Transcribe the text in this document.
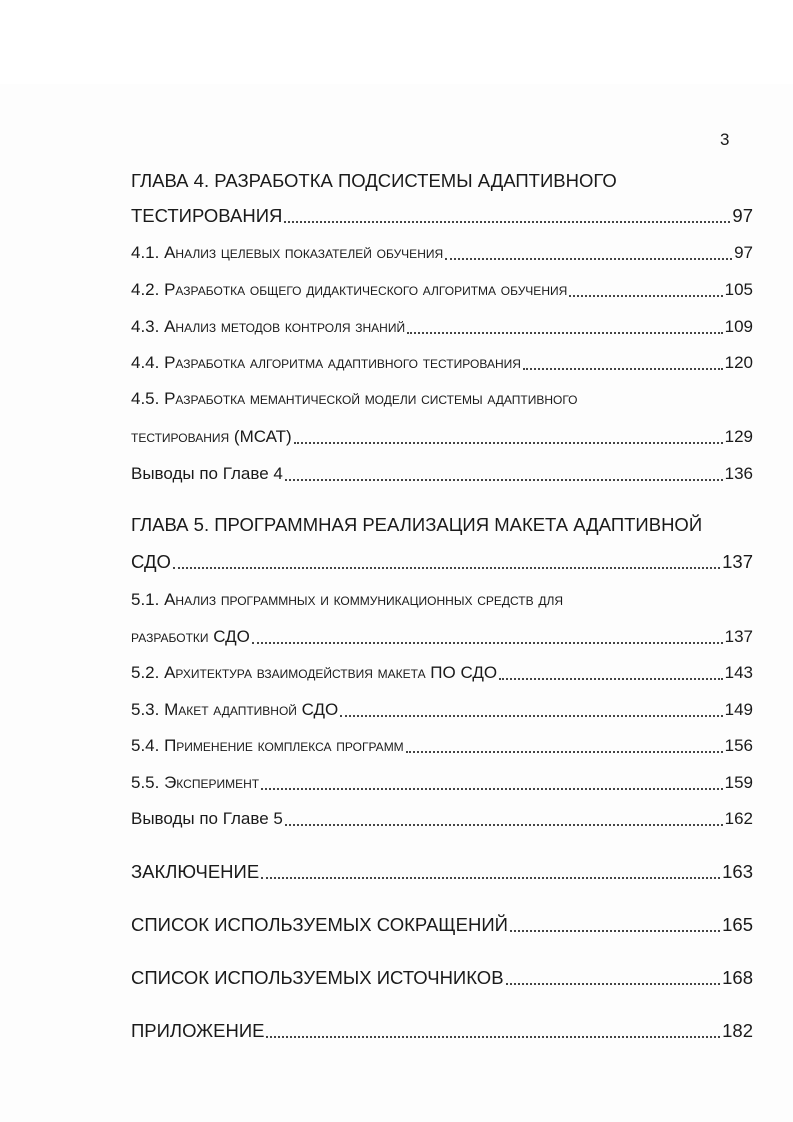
3
ГЛАВА 4. РАЗРАБОТКА ПОДСИСТЕМЫ АДАПТИВНОГО
ТЕСТИРОВАНИЯ	97
4.1. Анализ целевых показателей обучения	97
4.2. Разработка общего дидактического алгоритма обучения	105
4.3. Анализ методов контроля знаний	109
4.4. Разработка алгоритма адаптивного тестирования	120
4.5. Разработка мемантической модели системы адаптивного
тестирования (МСАТ)	129
Выводы по Главе 4	136
ГЛАВА 5. ПРОГРАММНАЯ РЕАЛИЗАЦИЯ МАКЕТА АДАПТИВНОЙ
СДО	137
5.1. Анализ программных и коммуникационных средств для
разработки СДО	137
5.2. Архитектура взаимодействия макета ПО СДО	143
5.3. Макет адаптивной СДО	149
5.4. Применение комплекса программ	156
5.5. Эксперимент	159
Выводы по Главе 5	162
ЗАКЛЮЧЕНИЕ	163
СПИСОК ИСПОЛЬЗУЕМЫХ СОКРАЩЕНИЙ	165
СПИСОК ИСПОЛЬЗУЕМЫХ ИСТОЧНИКОВ	168
ПРИЛОЖЕНИЕ	182
